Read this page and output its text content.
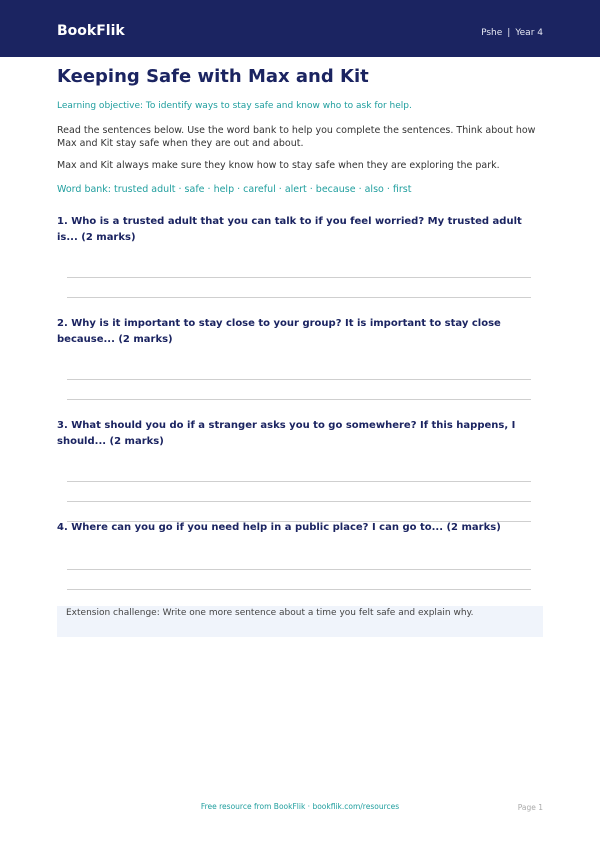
BookFlik	Pshe | Year 4
Keeping Safe with Max and Kit
Learning objective: To identify ways to stay safe and know who to ask for help.
Read the sentences below. Use the word bank to help you complete the sentences. Think about how Max and Kit stay safe when they are out and about.
Max and Kit always make sure they know how to stay safe when they are exploring the park.
Word bank: trusted adult · safe · help · careful · alert · because · also · first
1. Who is a trusted adult that you can talk to if you feel worried? My trusted adult is... (2 marks)
2. Why is it important to stay close to your group? It is important to stay close because... (2 marks)
3. What should you do if a stranger asks you to go somewhere? If this happens, I should... (2 marks)
4. Where can you go if you need help in a public place? I can go to... (2 marks)
Extension challenge: Write one more sentence about a time you felt safe and explain why.
Free resource from BookFlik · bookflik.com/resources	Page 1
